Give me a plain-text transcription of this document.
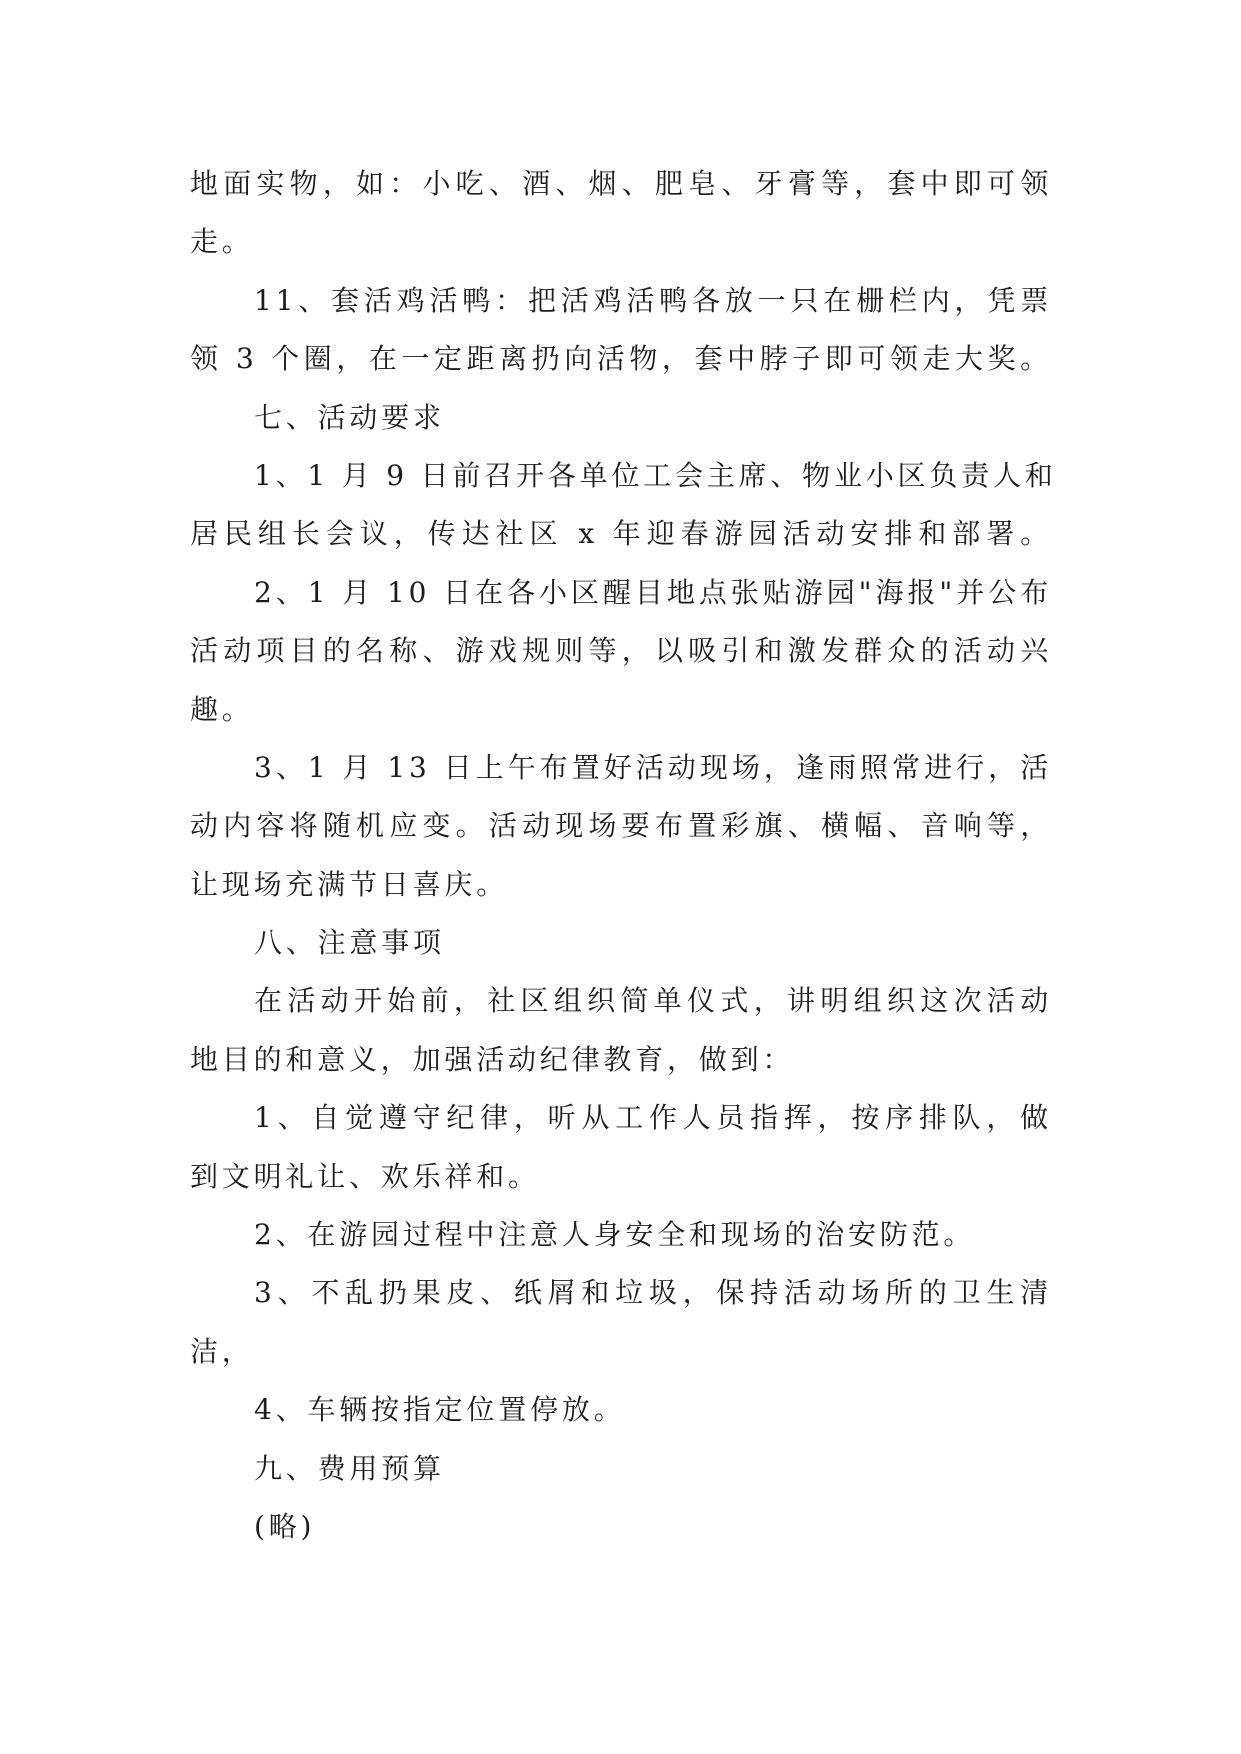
地面实物，如：小吃、酒、烟、肥皂、牙膏等，套中即可领
走。
11、套活鸡活鸭：把活鸡活鸭各放一只在栅栏内，凭票
领 3 个圈，在一定距离扔向活物，套中脖子即可领走大奖。
七、活动要求
1、1 月 9 日前召开各单位工会主席、物业小区负责人和
居民组长会议，传达社区 x 年迎春游园活动安排和部署。
2、1 月 10 日在各小区醒目地点张贴游园"海报"并公布
活动项目的名称、游戏规则等，以吸引和激发群众的活动兴
趣。
3、1 月 13 日上午布置好活动现场，逢雨照常进行，活
动内容将随机应变。活动现场要布置彩旗、横幅、音响等，
让现场充满节日喜庆。
八、注意事项
在活动开始前，社区组织简单仪式，讲明组织这次活动
地目的和意义，加强活动纪律教育，做到：
1、自觉遵守纪律，听从工作人员指挥，按序排队，做
到文明礼让、欢乐祥和。
2、在游园过程中注意人身安全和现场的治安防范。
3、不乱扔果皮、纸屑和垃圾，保持活动场所的卫生清
洁，
4、车辆按指定位置停放。
九、费用预算
(略)
